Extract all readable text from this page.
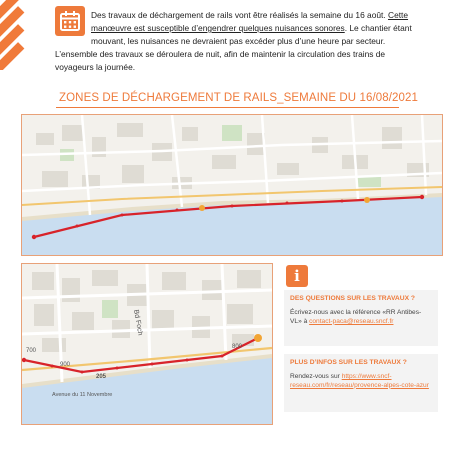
Des travaux de déchargement de rails vont être réalisés la semaine du 16 août. Cette manœuvre est susceptible d’engendrer quelques nuisances sonores. Le chantier étant mouvant, les nuisances ne devraient pas excéder plus d’une heure par secteur.

L’ensemble des travaux se déroulera de nuit, afin de maintenir la circulation des trains de voyageurs la journée.

ZONES DE DÉCHARGEMENT DE RAILS_SEMAINE DU 16/08/2021
700
900
205
800
Bd Foch
Avenue du 11 Novembre
i
DES QUESTIONS SUR LES TRAVAUX ?

Écrivez-nous avec la référence «RR Antibes-VL» à contact-paca@reseau.sncf.fr

PLUS D’INFOS SUR LES TRAVAUX ?

Rendez-vous sur https://www.sncf-reseau.com/fr/reseau/provence-alpes-cote-azur
